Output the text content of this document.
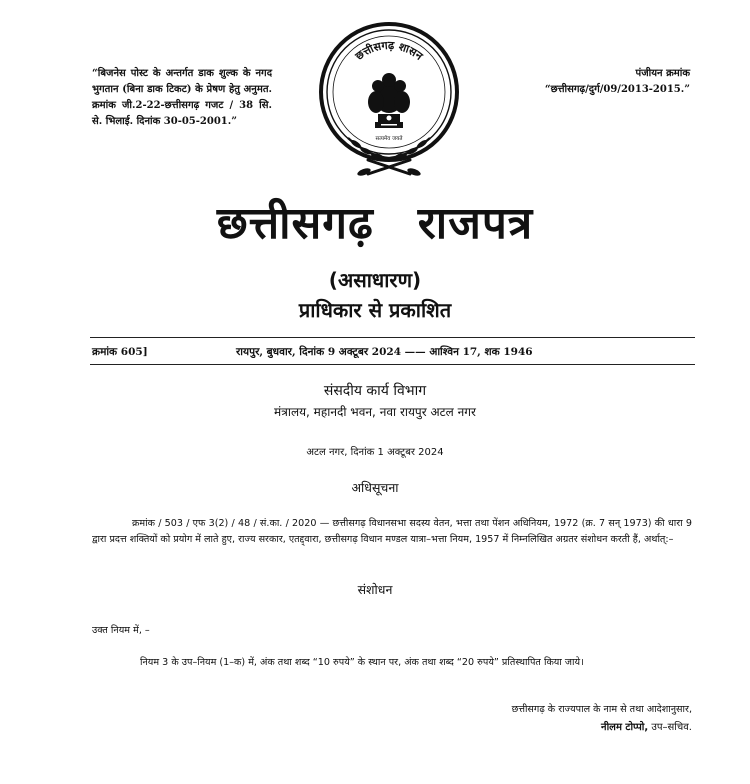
“बिजनेस पोस्ट के अन्तर्गत डाक शुल्क के नगद भुगतान (बिना डाक टिकट) के प्रेषण हेतु अनुमत. क्रमांक जी.2-22-छत्तीसगढ़ गजट / 38 सि. से. भिलाई. दिनांक 30-05-2001.”
पंजीयन क्रमांक
“छत्तीसगढ़/दुर्ग/09/2013-2015.”
छत्तीसगढ़ शासन
सत्यमेव जयते
छत्तीसगढ़ राजपत्र
(असाधारण)
प्राधिकार से प्रकाशित
क्रमांक 605]	रायपुर, बुधवार, दिनांक 9 अक्टूबर 2024 —— आश्विन 17, शक 1946
संसदीय कार्य विभाग
मंत्रालय, महानदी भवन, नवा रायपुर अटल नगर
अटल नगर, दिनांक 1 अक्टूबर 2024
अधिसूचना
क्रमांक / 503 / एफ 3(2) / 48 / सं.का. / 2020 — छत्तीसगढ़ विधानसभा सदस्य वेतन, भत्ता तथा पेंशन अधिनियम, 1972 (क्र. 7 सन् 1973) की धारा 9 द्वारा प्रदत्त शक्तियों को प्रयोग में लाते हुए, राज्य सरकार, एतद्द्वारा, छत्तीसगढ़ विधान मण्डल यात्रा–भत्ता नियम, 1957 में निम्नलिखित अग्रतर संशोधन करती हैं, अर्थात्:–
संशोधन
उक्त नियम में, –
नियम 3 के उप–नियम (1–क) में, अंक तथा शब्द “10 रुपये” के स्थान पर, अंक तथा शब्द “20 रुपये” प्रतिस्थापित किया जाये।
छत्तीसगढ़ के राज्यपाल के नाम से तथा आदेशानुसार,
नीलम टोप्पो, उप–सचिव.
